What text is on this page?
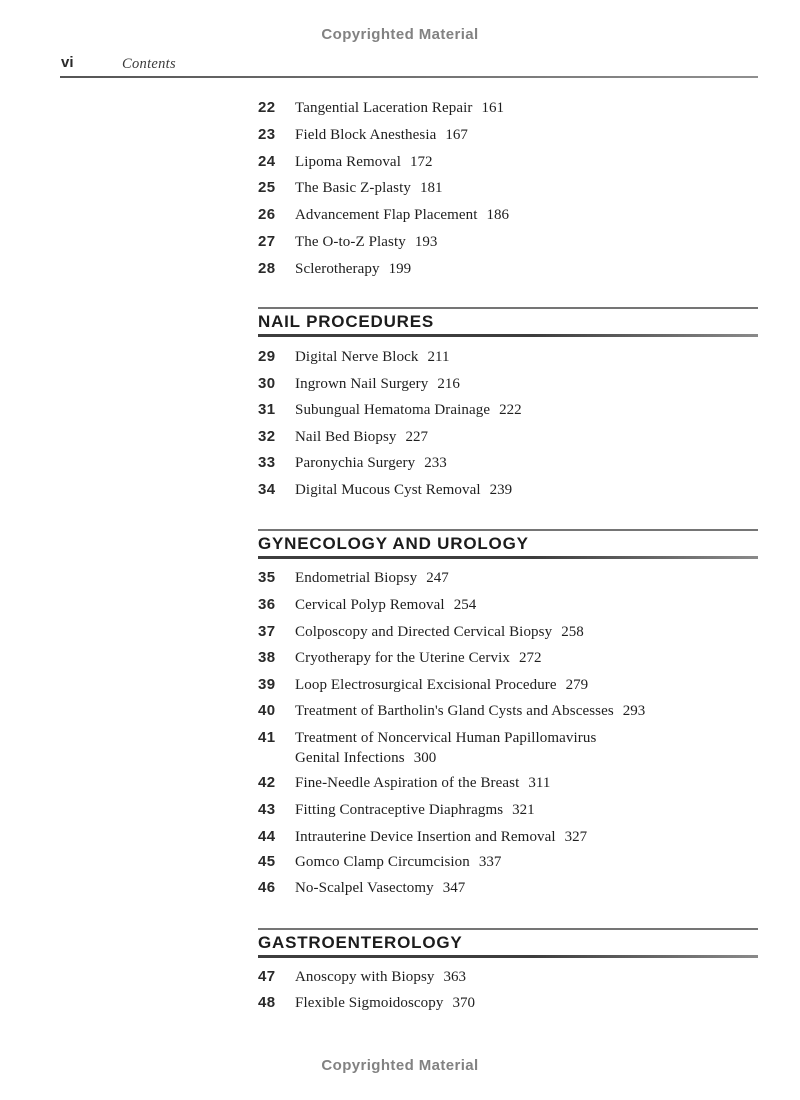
Copyrighted Material
vi	Contents
22 Tangential Laceration Repair 161
23 Field Block Anesthesia 167
24 Lipoma Removal 172
25 The Basic Z-plasty 181
26 Advancement Flap Placement 186
27 The O-to-Z Plasty 193
28 Sclerotherapy 199
NAIL PROCEDURES
29 Digital Nerve Block 211
30 Ingrown Nail Surgery 216
31 Subungual Hematoma Drainage 222
32 Nail Bed Biopsy 227
33 Paronychia Surgery 233
34 Digital Mucous Cyst Removal 239
GYNECOLOGY AND UROLOGY
35 Endometrial Biopsy 247
36 Cervical Polyp Removal 254
37 Colposcopy and Directed Cervical Biopsy 258
38 Cryotherapy for the Uterine Cervix 272
39 Loop Electrosurgical Excisional Procedure 279
40 Treatment of Bartholin's Gland Cysts and Abscesses 293
41 Treatment of Noncervical Human Papillomavirus
Genital Infections 300
42 Fine-Needle Aspiration of the Breast 311
43 Fitting Contraceptive Diaphragms 321
44 Intrauterine Device Insertion and Removal 327
45 Gomco Clamp Circumcision 337
46 No-Scalpel Vasectomy 347
GASTROENTEROLOGY
47 Anoscopy with Biopsy 363
48 Flexible Sigmoidoscopy 370
Copyrighted Material
